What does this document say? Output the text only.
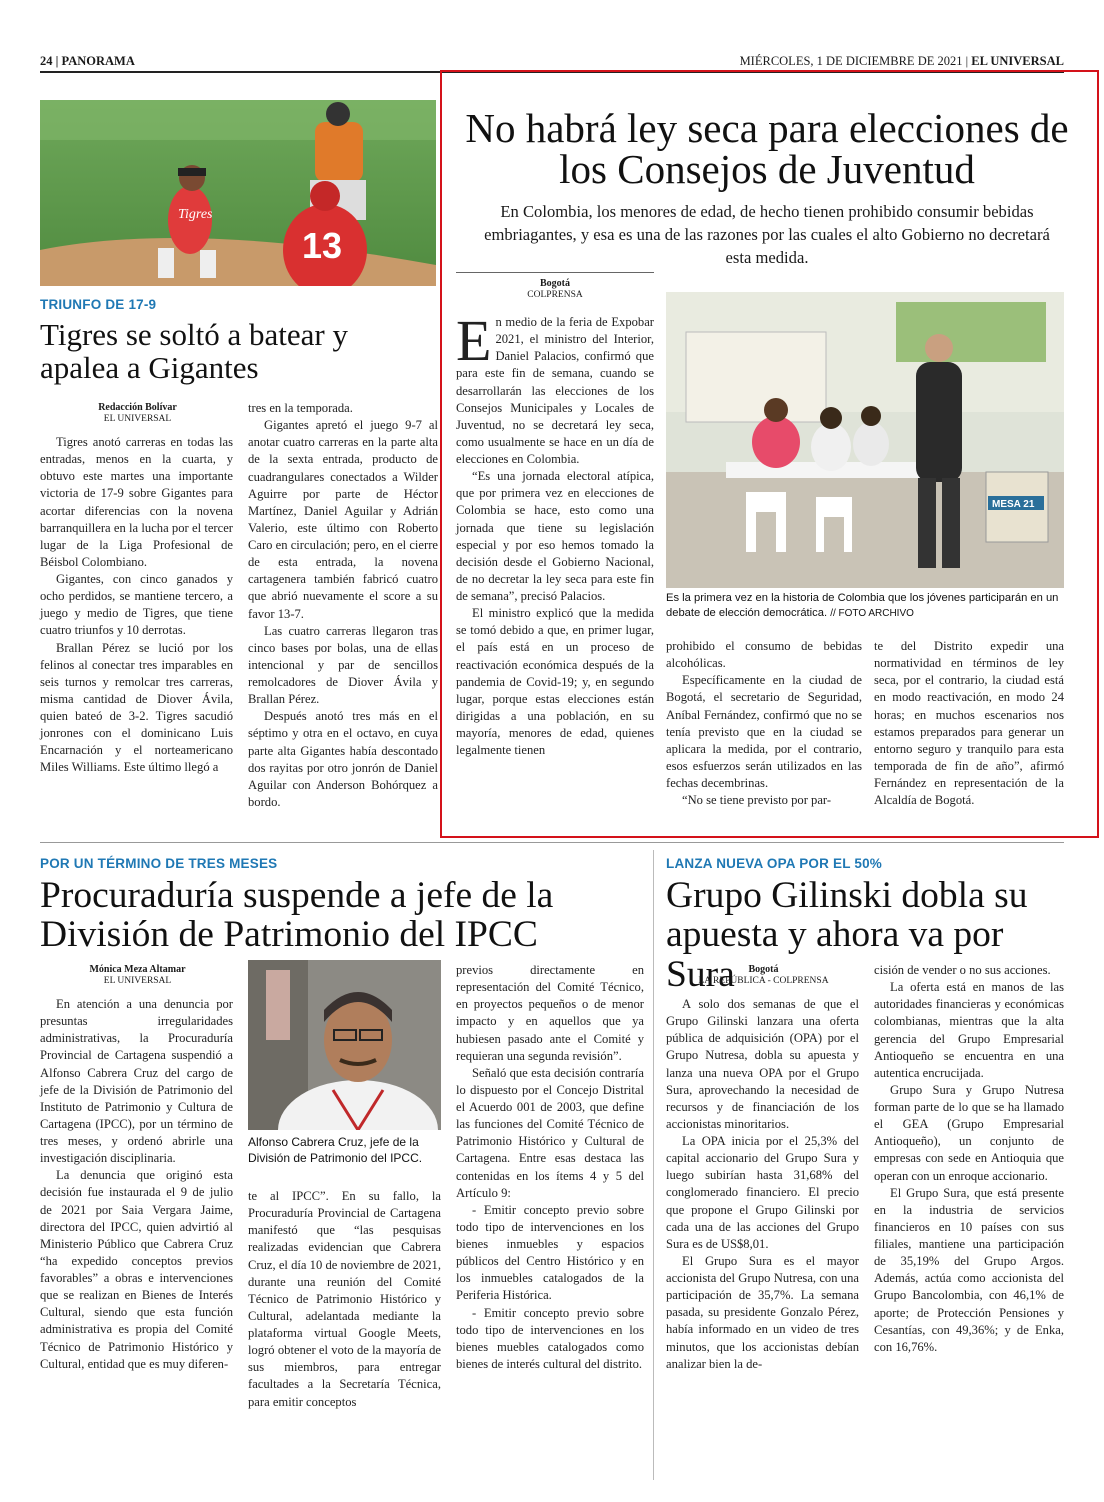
24 | PANORAMA	MIÉRCOLES, 1 DE DICIEMBRE DE 2021 | EL UNIVERSAL
Tigres
13
TRIUNFO DE 17-9
Tigres se soltó a batear y apalea a Gigantes
Redacción Bolívar
EL UNIVERSAL

Tigres anotó carreras en todas las entradas, menos en la cuarta, y obtuvo este martes una importante victoria de 17-9 sobre Gigantes para acortar diferencias con la novena barranquillera en la lucha por el tercer lugar de la Liga Profesional de Béisbol Colombiano.

Gigantes, con cinco ganados y ocho perdidos, se mantiene tercero, a juego y medio de Tigres, que tiene cuatro triunfos y 10 derrotas.

Brallan Pérez se lució por los felinos al conectar tres imparables en seis turnos y remolcar tres carreras, misma cantidad de Diover Ávila, quien bateó de 3-2. Tigres sacudió jonrones con el dominicano Luis Encarnación y el norteamericano Miles Williams. Este último llegó a

tres en la temporada.

Gigantes apretó el juego 9-7 al anotar cuatro carreras en la parte alta de la sexta entrada, producto de cuadrangulares conectados a Wilder Aguirre por parte de Héctor Martínez, Daniel Aguilar y Adrián Valerio, este último con Roberto Caro en circulación; pero, en el cierre de esta entrada, la novena cartagenera también fabricó cuatro que abrió nuevamente el score a su favor 13-7.

Las cuatro carreras llegaron tras cinco bases por bolas, una de ellas intencional y par de sencillos remolcadores de Diover Ávila y Brallan Pérez.

Después anotó tres más en el séptimo y otra en el octavo, en cuya parte alta Gigantes había descontado dos rayitas por otro jonrón de Daniel Aguilar con Anderson Bohórquez a bordo.

No habrá ley seca para elecciones de los Consejos de Juventud
En Colombia, los menores de edad, de hecho tienen prohibido consumir bebidas embriagantes, y esa es una de las razones por las cuales el alto Gobierno no decretará esta medida.
Bogotá
COLPRENSA

En medio de la feria de Expobar 2021, el ministro del Interior, Daniel Palacios, confirmó que para este fin de semana, cuando se desarrollarán las elecciones de los Consejos Municipales y Locales de Juventud, no se decretará ley seca, como usualmente se hace en un día de elecciones en Colombia.

“Es una jornada electoral atípica, que por primera vez en elecciones de Colombia se hace, esto como una jornada que tiene su legislación especial y por eso hemos tomado la decisión desde el Gobierno Nacional, de no decretar la ley seca para este fin de semana”, precisó Palacios.

El ministro explicó que la medida se tomó debido a que, en primer lugar, el país está en un proceso de reactivación económica después de la pandemia de Covid-19; y, en segundo lugar, porque estas elecciones están dirigidas a una población, en su mayoría, menores de edad, quienes legalmente tienen

MESA 21
Es la primera vez en la historia de Colombia que los jóvenes participarán en un debate de elección democrática. // FOTO ARCHIVO

prohibido el consumo de bebidas alcohólicas.

Específicamente en la ciudad de Bogotá, el secretario de Seguridad, Aníbal Fernández, confirmó que no se tenía previsto que en la ciudad se aplicara la medida, por el contrario, esos esfuerzos serán utilizados en las fechas decembrinas.

“No se tiene previsto por par-

te del Distrito expedir una normatividad en términos de ley seca, por el contrario, la ciudad está en modo reactivación, en modo 24 horas; en muchos escenarios nos estamos preparados para generar un entorno seguro y tranquilo para esta temporada de fin de año”, afirmó Fernández en representación de la Alcaldía de Bogotá.

POR UN TÉRMINO DE TRES MESES
Procuraduría suspende a jefe de la División de Patrimonio del IPCC
Mónica Meza Altamar
EL UNIVERSAL

En atención a una denuncia por presuntas irregularidades administrativas, la Procuraduría Provincial de Cartagena suspendió a Alfonso Cabrera Cruz del cargo de jefe de la División de Patrimonio del Instituto de Patrimonio y Cultura de Cartagena (IPCC), por un término de tres meses, y ordenó abrirle una investigación disciplinaria.

La denuncia que originó esta decisión fue instaurada el 9 de julio de 2021 por Saia Vergara Jaime, directora del IPCC, quien advirtió al Ministerio Público que Cabrera Cruz “ha expedido conceptos previos favorables” a obras e intervenciones que se realizan en Bienes de Interés Cultural, siendo que esta función administrativa es propia del Comité Técnico de Patrimonio Histórico y Cultural, entidad que es muy diferen-

Alfonso Cabrera Cruz, jefe de la División de Patrimonio del IPCC.

te al IPCC”. En su fallo, la Procuraduría Provincial de Cartagena manifestó que “las pesquisas realizadas evidencian que Cabrera Cruz, el día 10 de noviembre de 2021, durante una reunión del Comité Técnico de Patrimonio Histórico y Cultural, adelantada mediante la plataforma virtual Google Meets, logró obtener el voto de la mayoría de sus miembros, para entregar facultades a la Secretaría Técnica, para emitir conceptos

previos directamente en representación del Comité Técnico, en proyectos pequeños o de menor impacto y en aquellos que ya hubiesen pasado ante el Comité y requieran una segunda revisión”.

Señaló que esta decisión contraría lo dispuesto por el Concejo Distrital el Acuerdo 001 de 2003, que define las funciones del Comité Técnico de Patrimonio Histórico y Cultural de Cartagena. Entre esas destaca las contenidas en los ítems 4 y 5 del Artículo 9:

- Emitir concepto previo sobre todo tipo de intervenciones en los bienes inmuebles y espacios públicos del Centro Histórico y en los inmuebles catalogados de la Periferia Histórica.

- Emitir concepto previo sobre todo tipo de intervenciones en los bienes muebles catalogados como bienes de interés cultural del distrito.

LANZA NUEVA OPA POR EL 50%
Grupo Gilinski dobla su apuesta y ahora va por Sura	Bogotá
LA REPÚBLICA - COLPRENSA

A solo dos semanas de que el Grupo Gilinski lanzara una oferta pública de adquisición (OPA) por el Grupo Nutresa, dobla su apuesta y lanza una nueva OPA por el Grupo Sura, aprovechando la necesidad de recursos y de financiación de los accionistas minoritarios.

La OPA inicia por el 25,3% del capital accionario del Grupo Sura y luego subirían hasta 31,68% del conglomerado financiero. El precio que propone el Grupo Gilinski por cada una de las acciones del Grupo Sura es de US$8,01.

El Grupo Sura es el mayor accionista del Grupo Nutresa, con una participación de 35,7%. La semana pasada, su presidente Gonzalo Pérez, había informado en un video de tres minutos, que los accionistas debían analizar bien la de-

cisión de vender o no sus acciones.

La oferta está en manos de las autoridades financieras y económicas colombianas, mientras que la alta gerencia del Grupo Empresarial Antioqueño se encuentra en una autentica encrucijada.

Grupo Sura y Grupo Nutresa forman parte de lo que se ha llamado el GEA (Grupo Empresarial Antioqueño), un conjunto de empresas con sede en Antioquia que operan con un enroque accionario.

El Grupo Sura, que está presente en la industria de servicios financieros en 10 países con sus filiales, mantiene una participación de 35,19% del Grupo Argos. Además, actúa como accionista del Grupo Bancolombia, con 46,1% de aporte; de Protección Pensiones y Cesantías, con 49,36%; y de Enka, con 16,76%.
